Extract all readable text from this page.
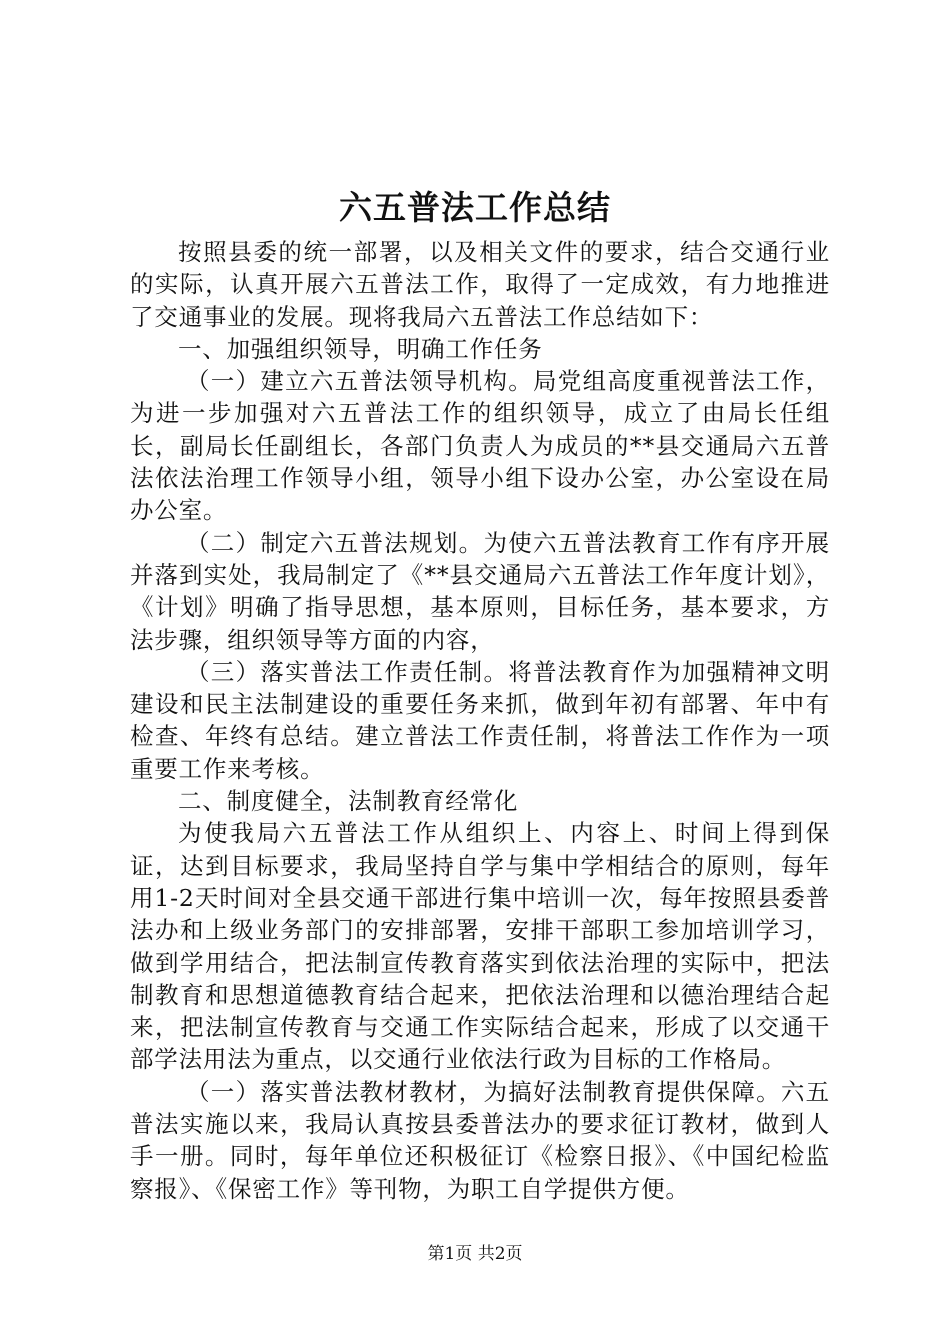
六五普法工作总结

按照县委的统一部署，以及相关文件的要求，结合交通行业的实际，认真开展六五普法工作，取得了一定成效，有力地推进了交通事业的发展。现将我局六五普法工作总结如下：

一、加强组织领导，明确工作任务

（一）建立六五普法领导机构。局党组高度重视普法工作，为进一步加强对六五普法工作的组织领导，成立了由局长任组长，副局长任副组长，各部门负责人为成员的**县交通局六五普法依法治理工作领导小组，领导小组下设办公室，办公室设在局办公室。

（二）制定六五普法规划。为使六五普法教育工作有序开展并落到实处，我局制定了《**县交通局六五普法工作年度计划》，《计划》明确了指导思想，基本原则，目标任务，基本要求，方法步骤，组织领导等方面的内容，

（三）落实普法工作责任制。将普法教育作为加强精神文明建设和民主法制建设的重要任务来抓，做到年初有部署、年中有检查、年终有总结。建立普法工作责任制，将普法工作作为一项重要工作来考核。

二、制度健全，法制教育经常化

为使我局六五普法工作从组织上、内容上、时间上得到保证，达到目标要求，我局坚持自学与集中学相结合的原则，每年用1-2天时间对全县交通干部进行集中培训一次，每年按照县委普法办和上级业务部门的安排部署，安排干部职工参加培训学习，做到学用结合，把法制宣传教育落实到依法治理的实际中，把法制教育和思想道德教育结合起来，把依法治理和以德治理结合起来，把法制宣传教育与交通工作实际结合起来，形成了以交通干部学法用法为重点，以交通行业依法行政为目标的工作格局。

（一）落实普法教材教材，为搞好法制教育提供保障。六五普法实施以来，我局认真按县委普法办的要求征订教材，做到人手一册。同时，每年单位还积极征订《检察日报》、《中国纪检监察报》、《保密工作》等刊物，为职工自学提供方便。

第1页 共2页
